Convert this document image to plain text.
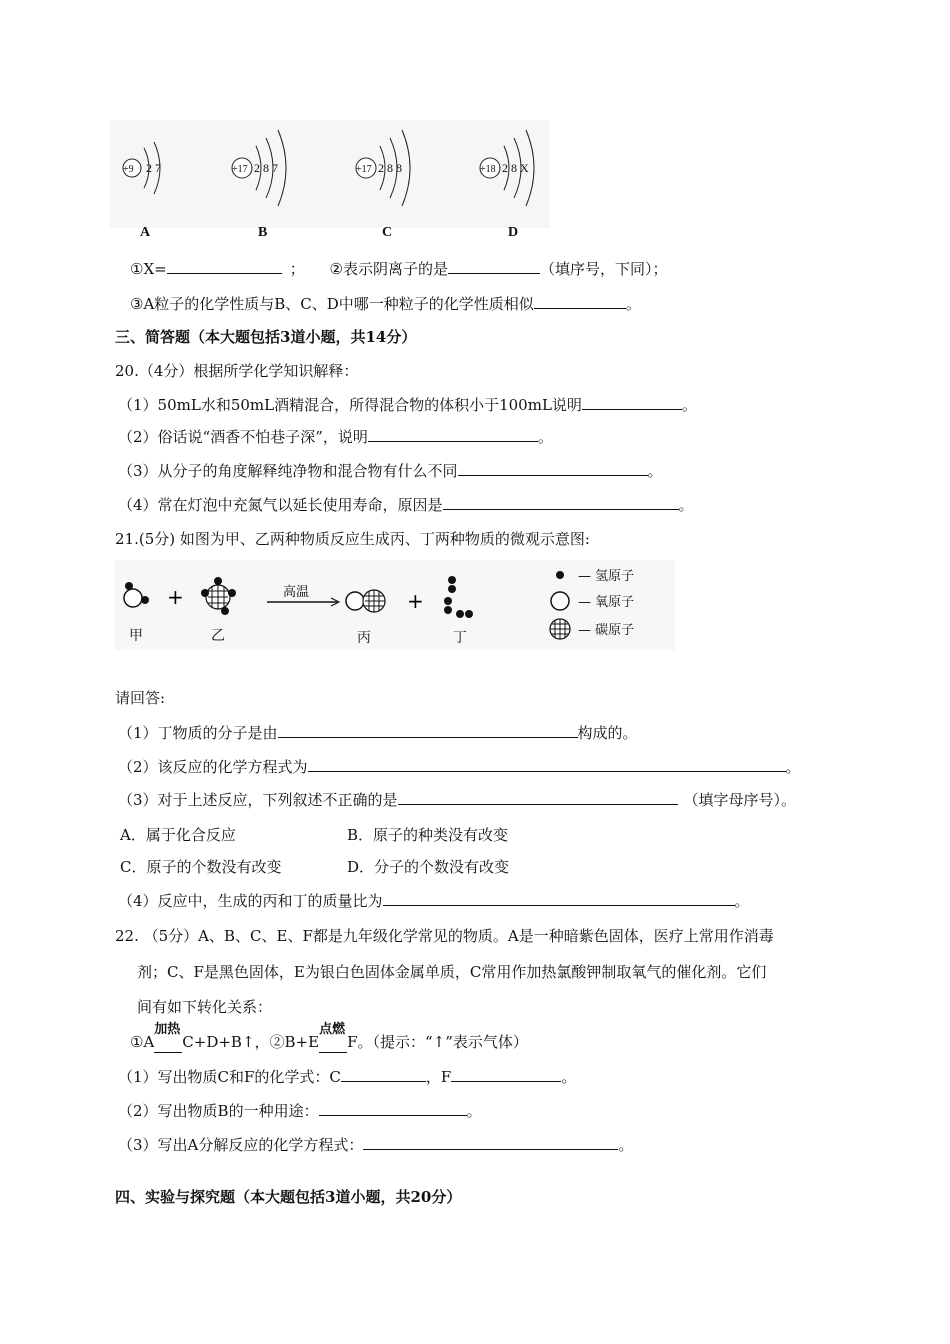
+9 2 7	+17 2 8 7	+17 2 8 8	+18 2 8 X
A	B	C	D
①X=	； ②表示阴离子的是	（填序号，下同）；
③A粒子的化学性质与B、C、D中哪一种粒子的化学性质相似	。
三、简答题（本大题包括3道小题，共14分）
20.（4分）根据所学化学知识解释：
（1）50mL水和50mL酒精混合，所得混合物的体积小于100mL说明	。
（2）俗话说“酒香不怕巷子深”，说明	。
（3）从分子的角度解释纯净物和混合物有什么不同	。
（4）常在灯泡中充氮气以延长使用寿命，原因是	。
21.(5分) 如图为甲、乙两种物质反应生成丙、丁两种物质的微观示意图:
+	高温	+
甲	乙	丙	丁
— 氢原子
— 氧原子
— 碳原子
请回答:
（1）丁物质的分子是由	构成的。
（2）该反应的化学方程式为	。
（3）对于上述反应，下列叙述不正确的是	（填字母序号）。
A．属于化合反应	B．原子的种类没有改变
C．原子的个数没有改变	D．分子的个数没有改变
（4）反应中，生成的丙和丁的质量比为	。
22. （5分）A、B、C、E、F都是九年级化学常见的物质。A是一种暗紫色固体，医疗上常用作消毒
剂；C、F是黑色固体，E为银白色固体金属单质，C常用作加热氯酸钾制取氧气的催化剂。它们
间有如下转化关系：
①A
加热
C+D+B↑，②B+E
点燃
F。（提示：“↑”表示气体）
（1）写出物质C和F的化学式：C	，F	。
（2）写出物质B的一种用途：	。
（3）写出A分解反应的化学方程式：	。
四、实验与探究题（本大题包括3道小题，共20分）
